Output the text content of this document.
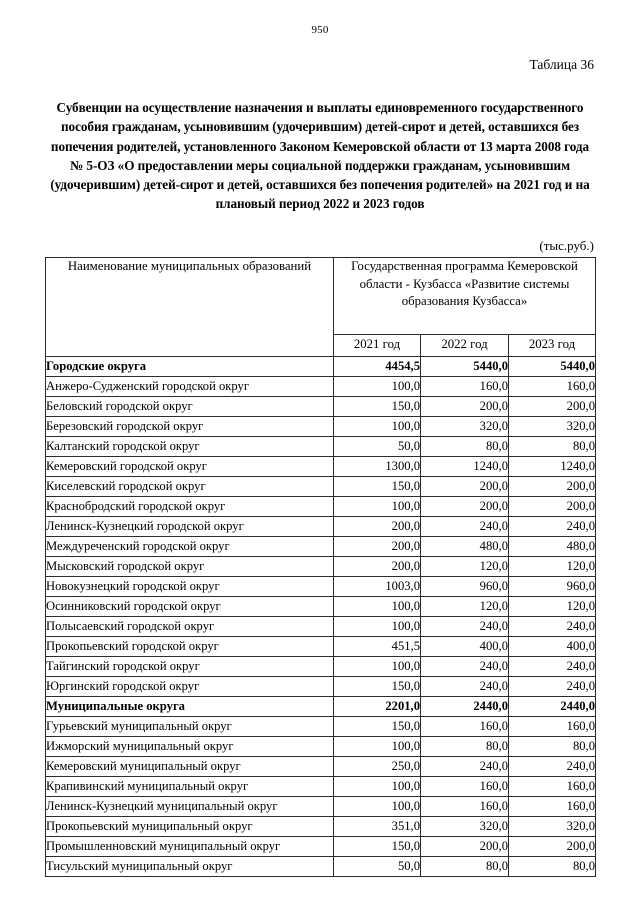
950
Таблица 36
Субвенции на осуществление назначения и выплаты единовременного государственного пособия гражданам, усыновившим (удочерившим) детей-сирот и детей, оставшихся без попечения родителей, установленного Законом Кемеровской области от 13 марта 2008 года № 5-ОЗ «О предоставлении меры социальной поддержки гражданам, усыновившим (удочерившим) детей-сирот и детей, оставшихся без попечения родителей» на 2021 год и на плановый период 2022 и 2023 годов
(тыс.руб.)
Наименование муниципальных образований	Государственная программа Кемеровской области - Кузбасса «Развитие системы образования Кузбасса»		
	2021 год	2022 год	2023 год
Городские округа	4454,5	5440,0	5440,0
Анжеро-Судженский городской округ	100,0	160,0	160,0
Беловский городской округ	150,0	200,0	200,0
Березовский городской округ	100,0	320,0	320,0
Калтанский городской округ	50,0	80,0	80,0
Кемеровский городской округ	1300,0	1240,0	1240,0
Киселевский городской округ	150,0	200,0	200,0
Краснобродский городской округ	100,0	200,0	200,0
Ленинск-Кузнецкий городской округ	200,0	240,0	240,0
Междуреченский городской округ	200,0	480,0	480,0
Мысковский городской округ	200,0	120,0	120,0
Новокузнецкий городской округ	1003,0	960,0	960,0
Осинниковский городской округ	100,0	120,0	120,0
Полысаевский городской округ	100,0	240,0	240,0
Прокопьевский городской округ	451,5	400,0	400,0
Тайгинский городской округ	100,0	240,0	240,0
Юргинский городской округ	150,0	240,0	240,0
Муниципальные округа	2201,0	2440,0	2440,0
Гурьевский муниципальный округ	150,0	160,0	160,0
Ижморский муниципальный округ	100,0	80,0	80,0
Кемеровский муниципальный округ	250,0	240,0	240,0
Крапивинский муниципальный округ	100,0	160,0	160,0
Ленинск-Кузнецкий муниципальный округ	100,0	160,0	160,0
Прокопьевский муниципальный округ	351,0	320,0	320,0
Промышленновский муниципальный округ	150,0	200,0	200,0
Тисульский муниципальный округ	50,0	80,0	80,0
